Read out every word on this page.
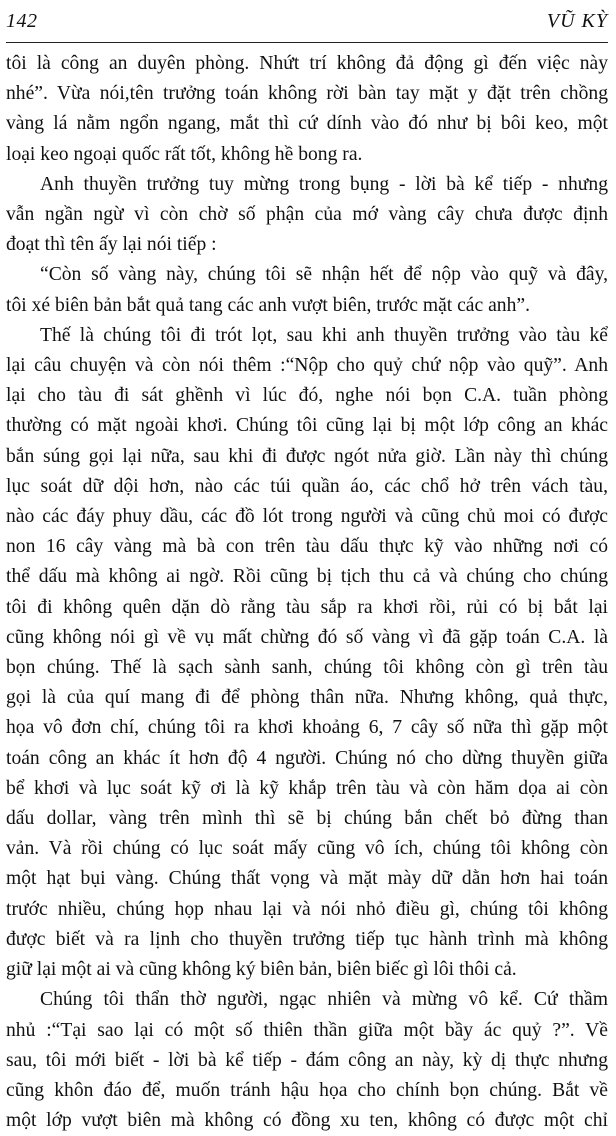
142	VŨ KỲ

tôi là công an duyên phòng. Nhứt trí không đả động gì đến việc này
nhé”. Vừa nói,tên trưởng toán không rời bàn tay mặt y đặt trên chồng
vàng lá nằm ngổn ngang, mắt thì cứ dính vào đó như bị bôi keo, một
loại keo ngoại quốc rất tốt, không hề bong ra.

Anh thuyền trưởng tuy mừng trong bụng - lời bà kể tiếp - nhưng
vẫn ngần ngừ vì còn chờ số phận của mớ vàng cây chưa được định
đoạt thì tên ấy lại nói tiếp :

“Còn số vàng này, chúng tôi sẽ nhận hết để nộp vào quỹ và đây,
tôi xé biên bản bắt quả tang các anh vượt biên, trước mặt các anh”.

Thế là chúng tôi đi trót lọt, sau khi anh thuyền trưởng vào tàu kể
lại câu chuyện và còn nói thêm :“Nộp cho quỷ chứ nộp vào quỹ”. Anh
lại cho tàu đi sát ghềnh vì lúc đó, nghe nói bọn C.A. tuần phòng
thường có mặt ngoài khơi. Chúng tôi cũng lại bị một lớp công an khác
bắn súng gọi lại nữa, sau khi đi được ngót nửa giờ. Lần này thì chúng
lục soát dữ dội hơn, nào các túi quần áo, các chổ hở trên vách tàu,
nào các đáy phuy dầu, các đồ lót trong người và cũng chủ moi có được
non 16 cây vàng mà bà con trên tàu dấu thực kỹ vào những nơi có
thể dấu mà không ai ngờ. Rồi cũng bị tịch thu cả và chúng cho chúng
tôi đi không quên dặn dò rằng tàu sắp ra khơi rồi, rủi có bị bắt lại
cũng không nói gì về vụ mất chừng đó số vàng vì đã gặp toán C.A. là
bọn chúng. Thế là sạch sành sanh, chúng tôi không còn gì trên tàu
gọi là của quí mang đi để phòng thân nữa. Nhưng không, quả thực,
họa vô đơn chí, chúng tôi ra khơi khoảng 6, 7 cây số nữa thì gặp một
toán công an khác ít hơn độ 4 người. Chúng nó cho dừng thuyền giữa
bể khơi và lục soát kỹ ơi là kỹ khắp trên tàu và còn hăm dọa ai còn
dấu dollar, vàng trên mình thì sẽ bị chúng bắn chết bỏ đừng than
vản. Và rồi chúng có lục soát mấy cũng vô ích, chúng tôi không còn
một hạt bụi vàng. Chúng thất vọng và mặt mày dữ dằn hơn hai toán
trước nhiều, chúng họp nhau lại và nói nhỏ điều gì, chúng tôi không
được biết và ra lịnh cho thuyền trưởng tiếp tục hành trình mà không
giữ lại một ai và cũng không ký biên bản, biên biếc gì lôi thôi cả.

Chúng tôi thẩn thờ người, ngạc nhiên và mừng vô kể. Cứ thầm
nhủ :“Tại sao lại có một số thiên thần giữa một bầy ác quỷ ?”. Về
sau, tôi mới biết - lời bà kể tiếp - đám công an này, kỳ dị thực nhưng
cũng khôn đáo để, muốn tránh hậu họa cho chính bọn chúng. Bắt về
một lớp vượt biên mà không có đồng xu ten, không có được một chỉ
